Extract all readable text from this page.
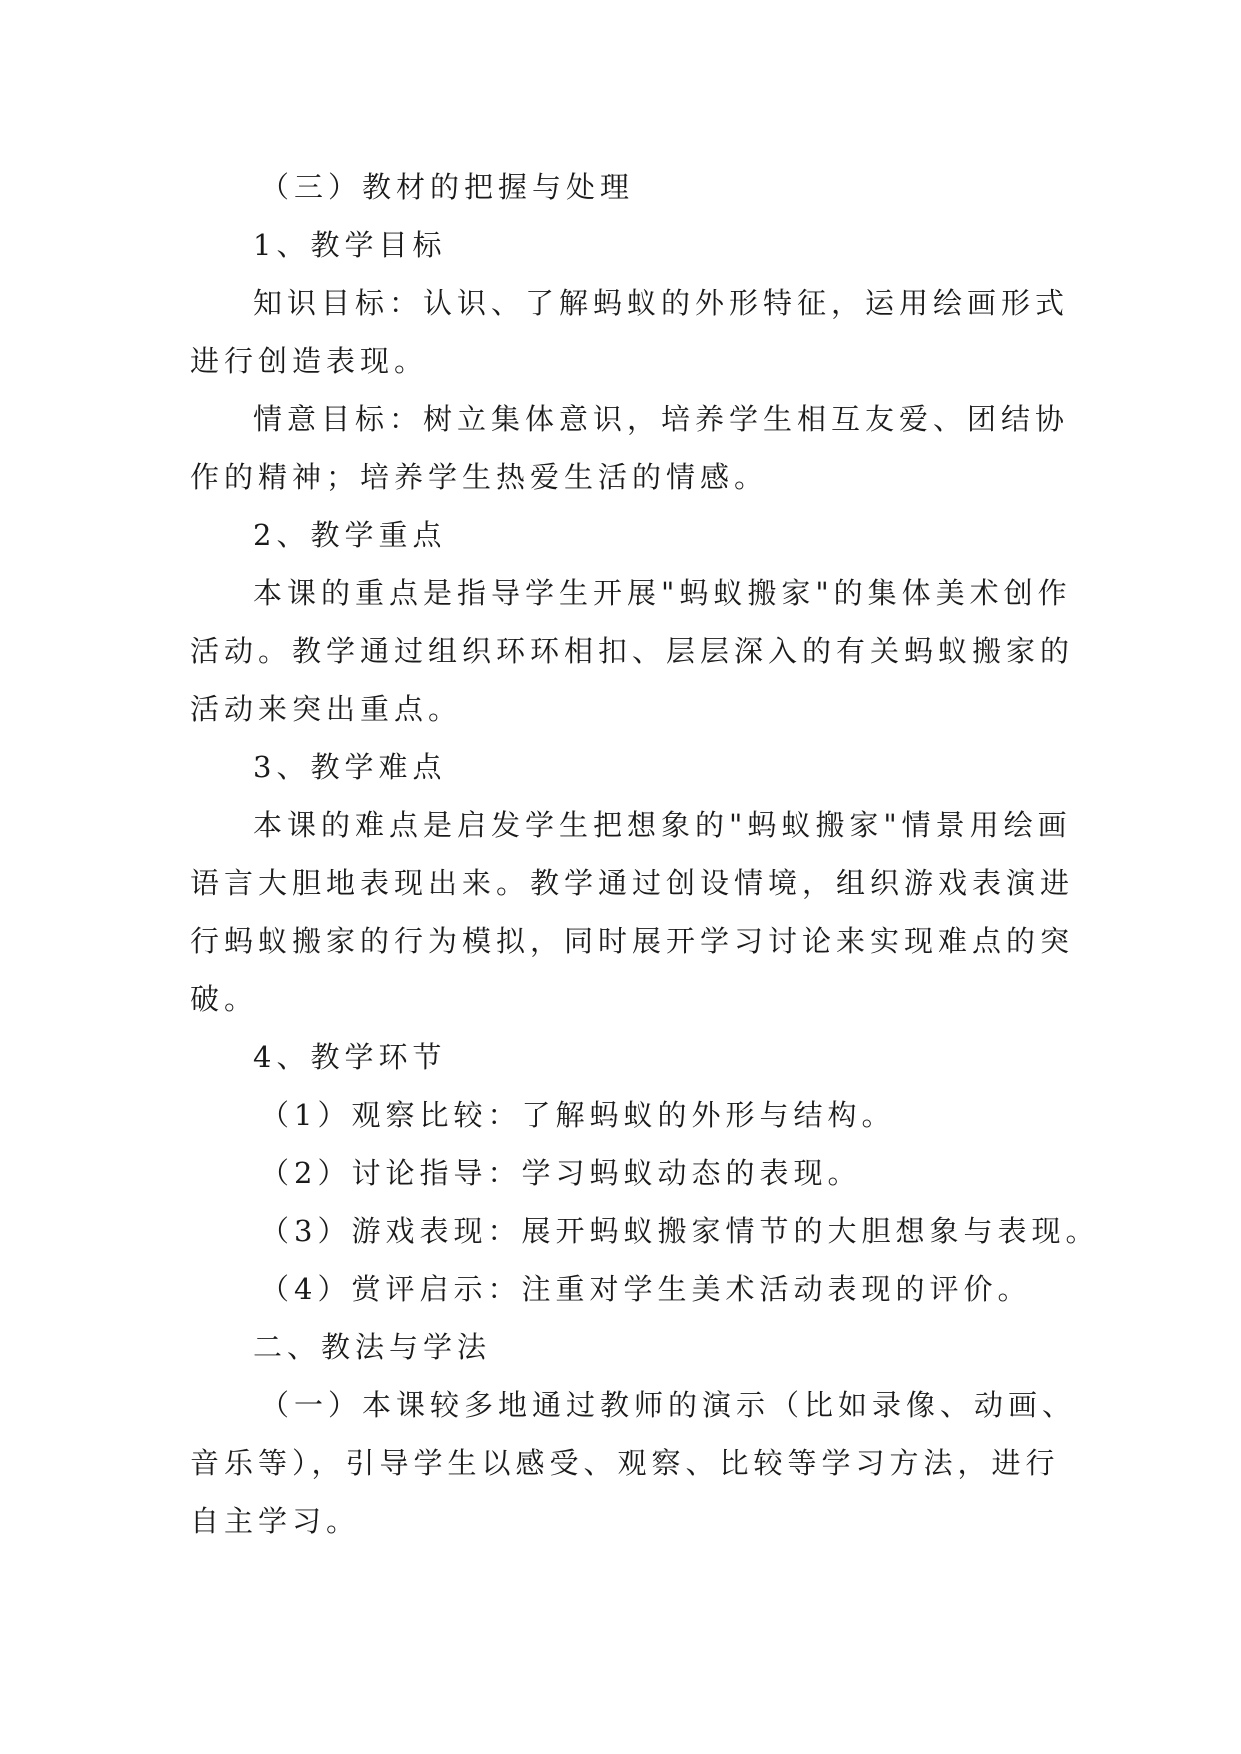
（三）教材的把握与处理
1、教学目标
知识目标：认识、了解蚂蚁的外形特征，运用绘画形式
进行创造表现。
情意目标：树立集体意识，培养学生相互友爱、团结协
作的精神；培养学生热爱生活的情感。
2、教学重点
本课的重点是指导学生开展"蚂蚁搬家"的集体美术创作
活动。教学通过组织环环相扣、层层深入的有关蚂蚁搬家的
活动来突出重点。
3、教学难点
本课的难点是启发学生把想象的"蚂蚁搬家"情景用绘画
语言大胆地表现出来。教学通过创设情境，组织游戏表演进
行蚂蚁搬家的行为模拟，同时展开学习讨论来实现难点的突
破。
4、教学环节
（1）观察比较：了解蚂蚁的外形与结构。
（2）讨论指导：学习蚂蚁动态的表现。
（3）游戏表现：展开蚂蚁搬家情节的大胆想象与表现。
（4）赏评启示：注重对学生美术活动表现的评价。
二、教法与学法
（一）本课较多地通过教师的演示（比如录像、动画、
音乐等），引导学生以感受、观察、比较等学习方法，进行
自主学习。
